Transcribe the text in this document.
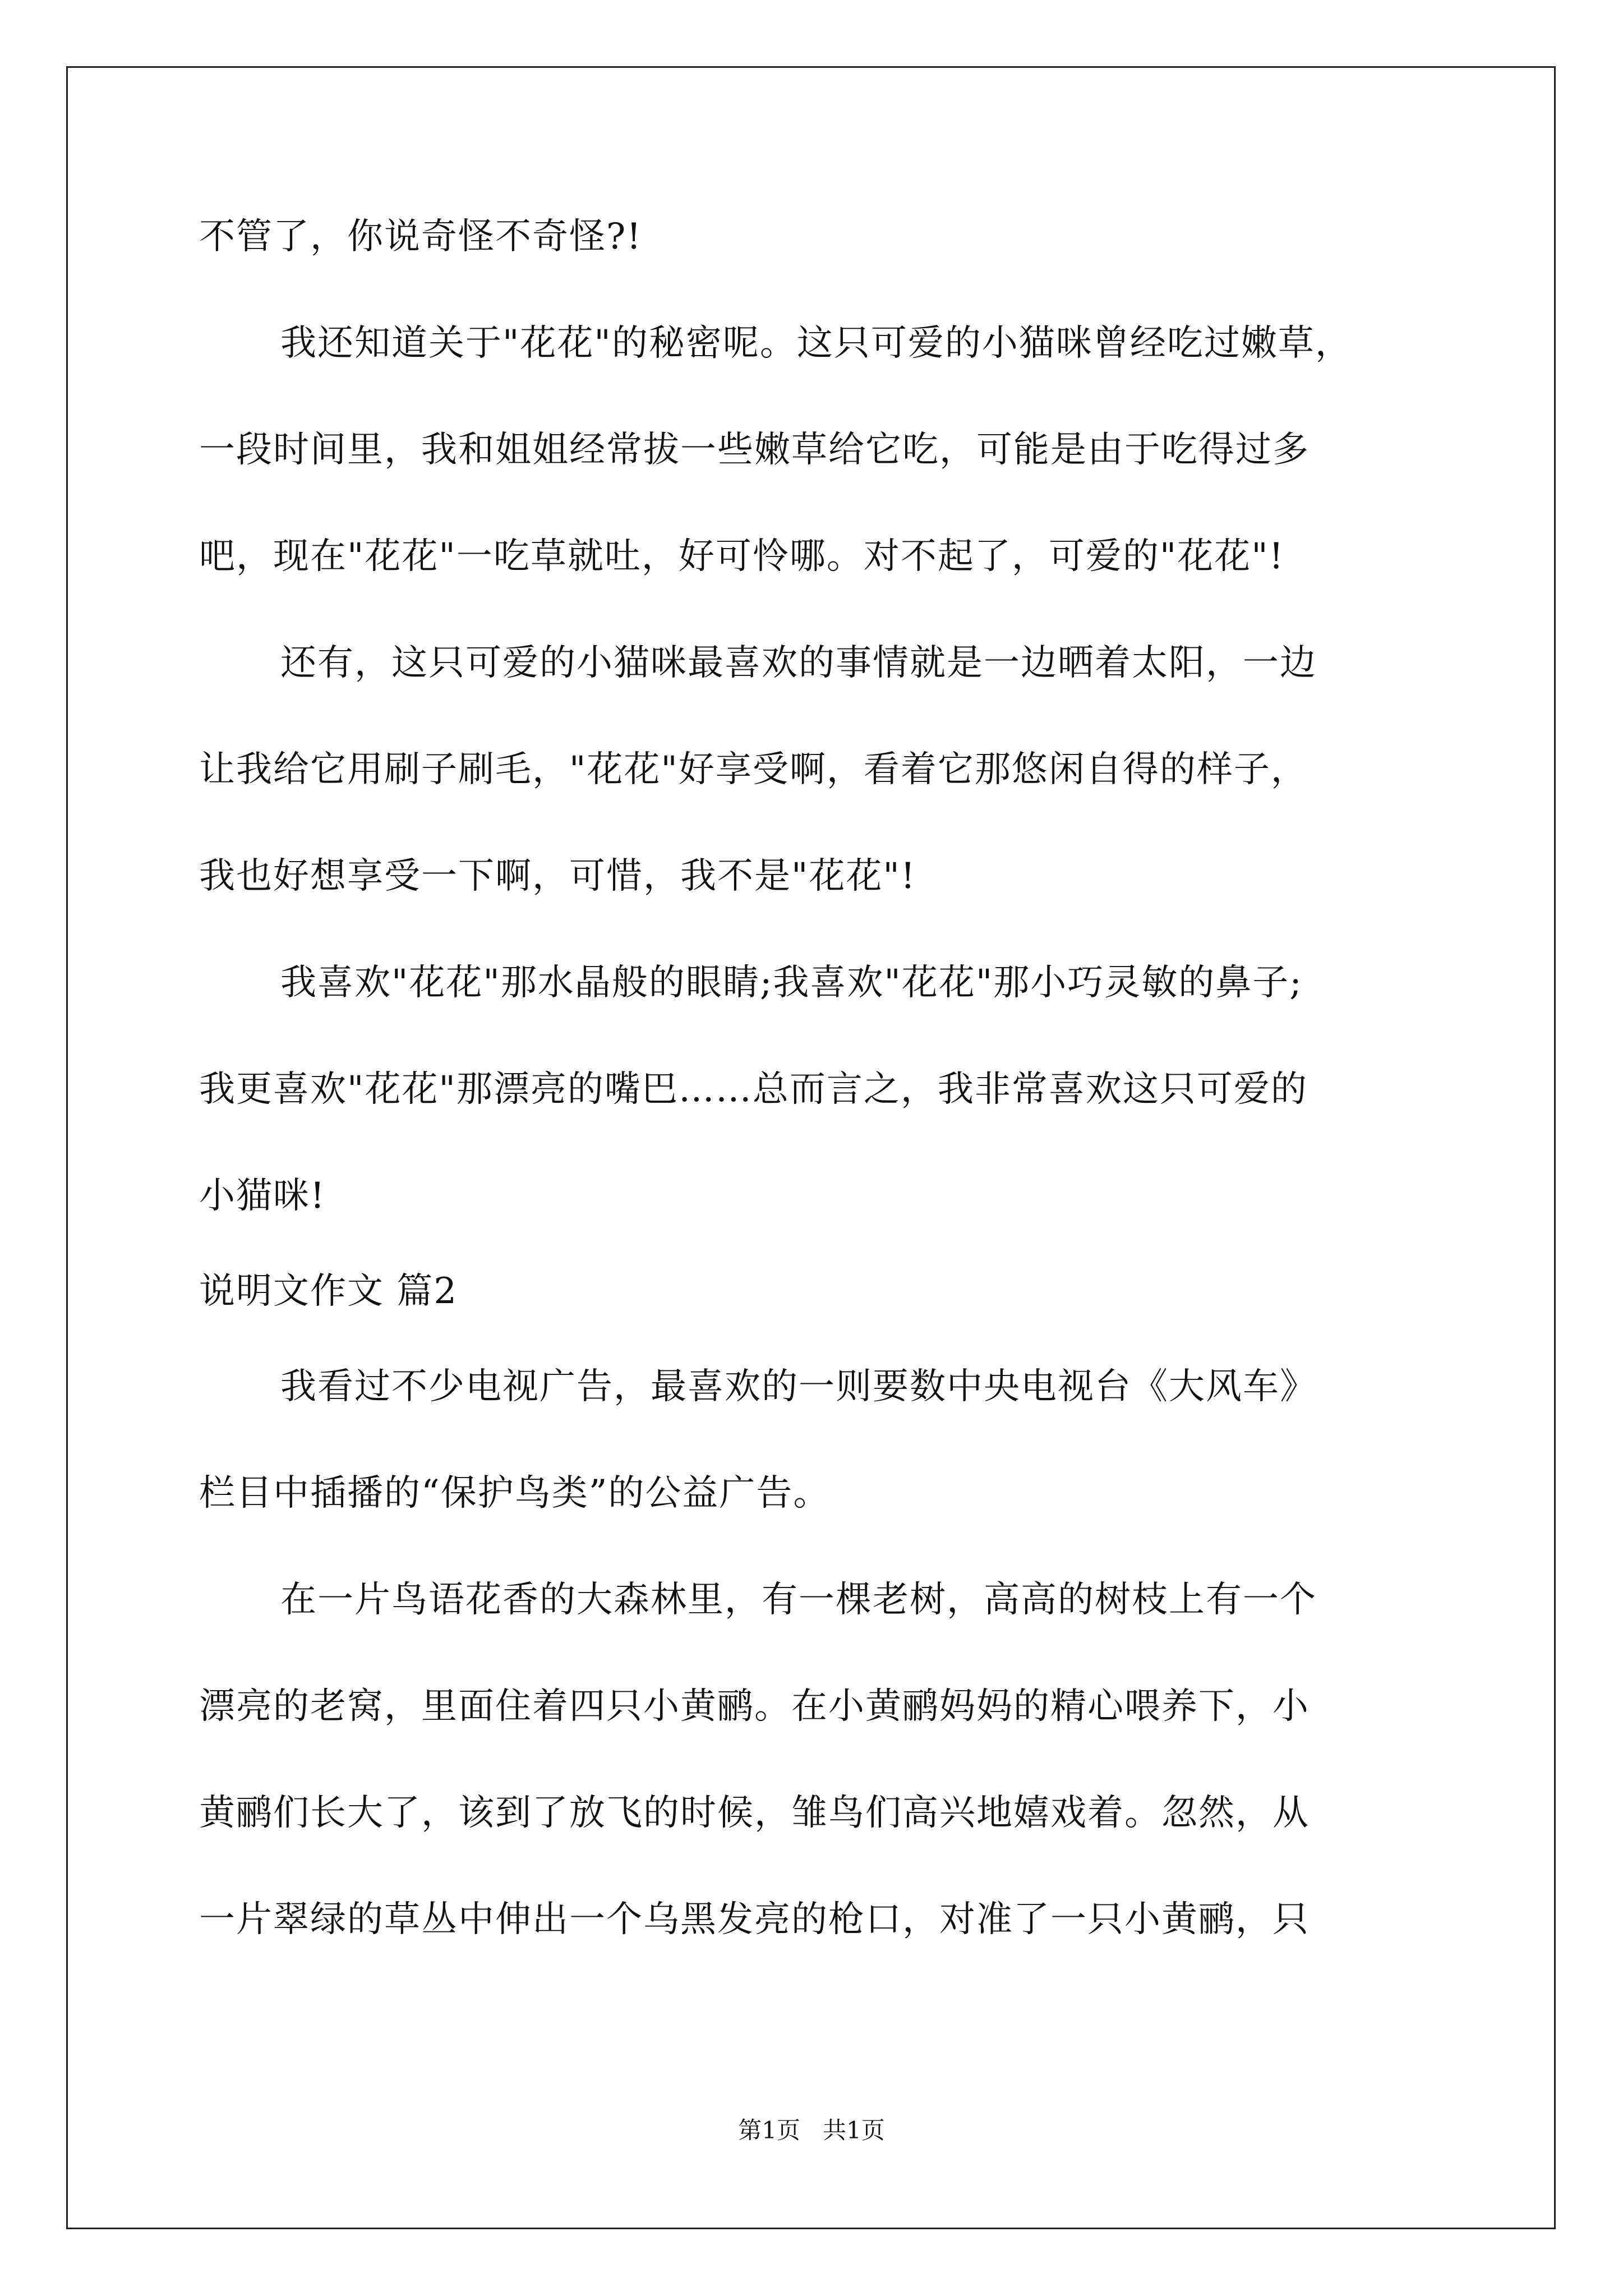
不管了，你说奇怪不奇怪?!
我还知道关于"花花"的秘密呢。这只可爱的小猫咪曾经吃过嫩草，
一段时间里，我和姐姐经常拔一些嫩草给它吃，可能是由于吃得过多
吧，现在"花花"一吃草就吐，好可怜哪。对不起了，可爱的"花花"!
还有，这只可爱的小猫咪最喜欢的事情就是一边晒着太阳，一边
让我给它用刷子刷毛，"花花"好享受啊，看着它那悠闲自得的样子，
我也好想享受一下啊，可惜，我不是"花花"!
我喜欢"花花"那水晶般的眼睛;我喜欢"花花"那小巧灵敏的鼻子;
我更喜欢"花花"那漂亮的嘴巴……总而言之，我非常喜欢这只可爱的
小猫咪!
说明文作文 篇2
我看过不少电视广告，最喜欢的一则要数中央电视台《大风车》
栏目中插播的“保护鸟类”的公益广告。
在一片鸟语花香的大森林里，有一棵老树，高高的树枝上有一个
漂亮的老窝，里面住着四只小黄鹂。在小黄鹂妈妈的精心喂养下，小
黄鹂们长大了，该到了放飞的时候，雏鸟们高兴地嬉戏着。忽然，从
一片翠绿的草丛中伸出一个乌黑发亮的枪口，对准了一只小黄鹂，只
第1页   共1页
